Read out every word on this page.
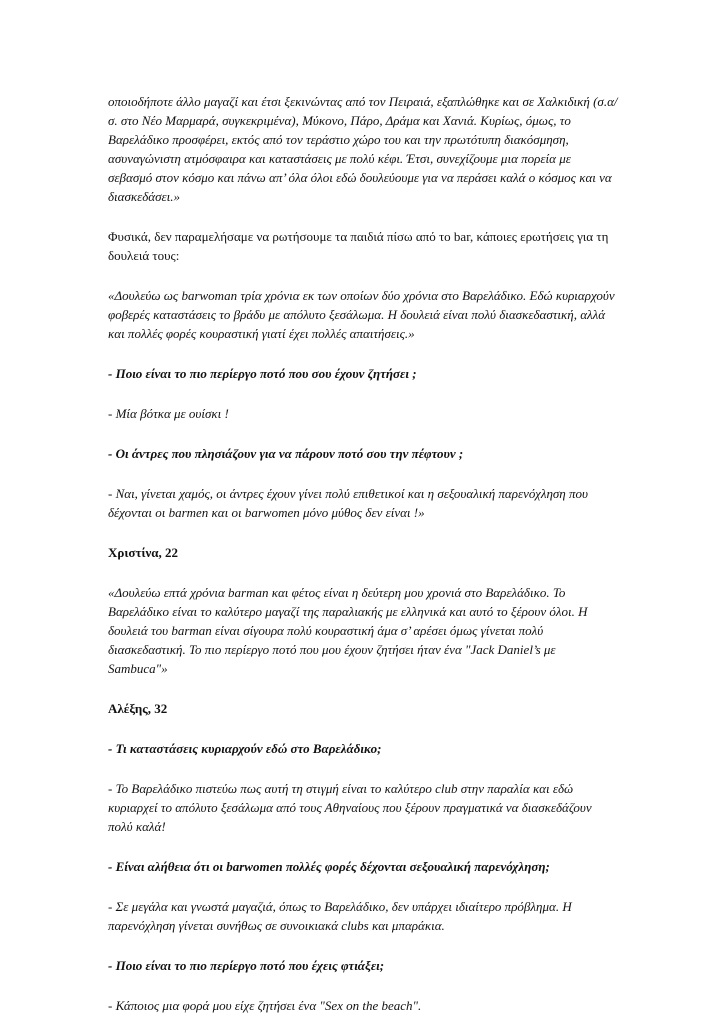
οποιοδήποτε άλλο μαγαζί και έτσι ξεκινώντας από τον Πειραιά, εξαπλώθηκε και σε Χαλκιδική (σ.α/σ. στο Νέο Μαρμαρά, συγκεκριμένα), Μύκονο, Πάρο, Δράμα και Χανιά. Κυρίως, όμως, το Βαρελάδικο προσφέρει, εκτός από τον τεράστιο χώρο του και την πρωτότυπη διακόσμηση, ασυναγώνιστη ατμόσφαιρα και καταστάσεις με πολύ κέφι. Έτσι, συνεχίζουμε μια πορεία με σεβασμό στον κόσμο και πάνω απ’ όλα όλοι εδώ δουλεύουμε για να περάσει καλά ο κόσμος και να διασκεδάσει.»

Φυσικά, δεν παραμελήσαμε να ρωτήσουμε τα παιδιά πίσω από το bar, κάποιες ερωτήσεις για τη δουλειά τους:

«Δουλεύω ως barwoman τρία χρόνια εκ των οποίων δύο χρόνια στο Βαρελάδικο. Εδώ κυριαρχούν φοβερές καταστάσεις το βράδυ με απόλυτο ξεσάλωμα. Η δουλειά είναι πολύ διασκεδαστική, αλλά και πολλές φορές κουραστική γιατί έχει πολλές απαιτήσεις.»

- Ποιο είναι το πιο περίεργο ποτό που σου έχουν ζητήσει ;

- Μία βότκα με ουίσκι !

- Οι άντρες που πλησιάζουν για να πάρουν ποτό σου την πέφτουν ;

- Ναι, γίνεται χαμός, οι άντρες έχουν γίνει πολύ επιθετικοί και η σεξουαλική παρενόχληση που δέχονται οι barmen και οι barwomen μόνο μύθος δεν είναι !»

Χριστίνα, 22

«Δουλεύω επτά χρόνια barman και φέτος είναι η δεύτερη μου χρονιά στο Βαρελάδικο. Το Βαρελάδικο είναι το καλύτερο μαγαζί της παραλιακής με ελληνικά και αυτό το ξέρουν όλοι. Η δουλειά του barman είναι σίγουρα πολύ κουραστική άμα σ’ αρέσει όμως γίνεται πολύ διασκεδαστική. Το πιο περίεργο ποτό που μου έχουν ζητήσει ήταν ένα "Jack Daniel’s με Sambuca"»

Αλέξης, 32

- Τι καταστάσεις κυριαρχούν εδώ στο Βαρελάδικο;

- Το Βαρελάδικο πιστεύω πως αυτή τη στιγμή είναι το καλύτερο club στην παραλία και εδώ κυριαρχεί το απόλυτο ξεσάλωμα από τους Αθηναίους που ξέρουν πραγματικά να διασκεδάζουν πολύ καλά!

- Είναι αλήθεια ότι οι barwomen πολλές φορές δέχονται σεξουαλική παρενόχληση;

- Σε μεγάλα και γνωστά μαγαζιά, όπως το Βαρελάδικο, δεν υπάρχει ιδιαίτερο πρόβλημα. Η παρενόχληση γίνεται συνήθως σε συνοικιακά clubs και μπαράκια.

- Ποιο είναι το πιο περίεργο ποτό που έχεις φτιάξει;

- Κάποιος μια φορά μου είχε ζητήσει ένα "Sex on the beach".
